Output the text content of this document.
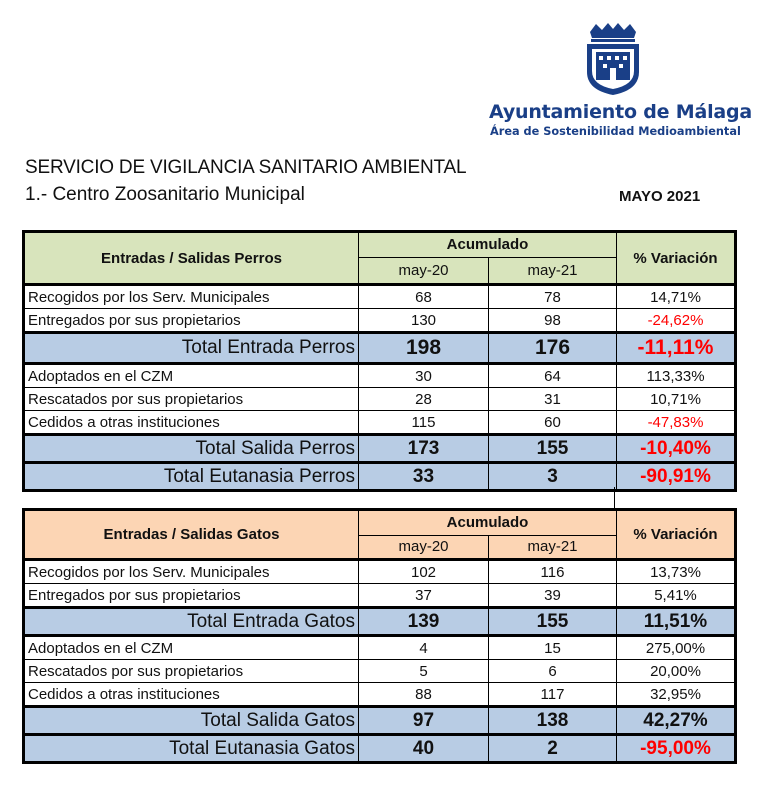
Ayuntamiento de Málaga
Área de Sostenibilidad Medioambiental
SERVICIO DE VIGILANCIA SANITARIO AMBIENTAL
1.- Centro Zoosanitario Municipal	MAYO 2021
Entradas / Salidas Perros	Acumulado		% Variación
	may-20	may-21	
Recogidos por los Serv. Municipales	68	78	14,71%
Entregados por sus propietarios	130	98	-24,62%
Total Entrada Perros	198	176	-11,11%
Adoptados en el CZM	30	64	113,33%
Rescatados por sus propietarios	28	31	10,71%
Cedidos a otras instituciones	115	60	-47,83%
Total Salida Perros	173	155	-10,40%
Total Eutanasia Perros	33	3	-90,91%
Entradas / Salidas Gatos	Acumulado		% Variación
	may-20	may-21	
Recogidos por los Serv. Municipales	102	116	13,73%
Entregados por sus propietarios	37	39	5,41%
Total Entrada Gatos	139	155	11,51%
Adoptados en el CZM	4	15	275,00%
Rescatados por sus propietarios	5	6	20,00%
Cedidos a otras instituciones	88	117	32,95%
Total Salida Gatos	97	138	42,27%
Total Eutanasia Gatos	40	2	-95,00%
